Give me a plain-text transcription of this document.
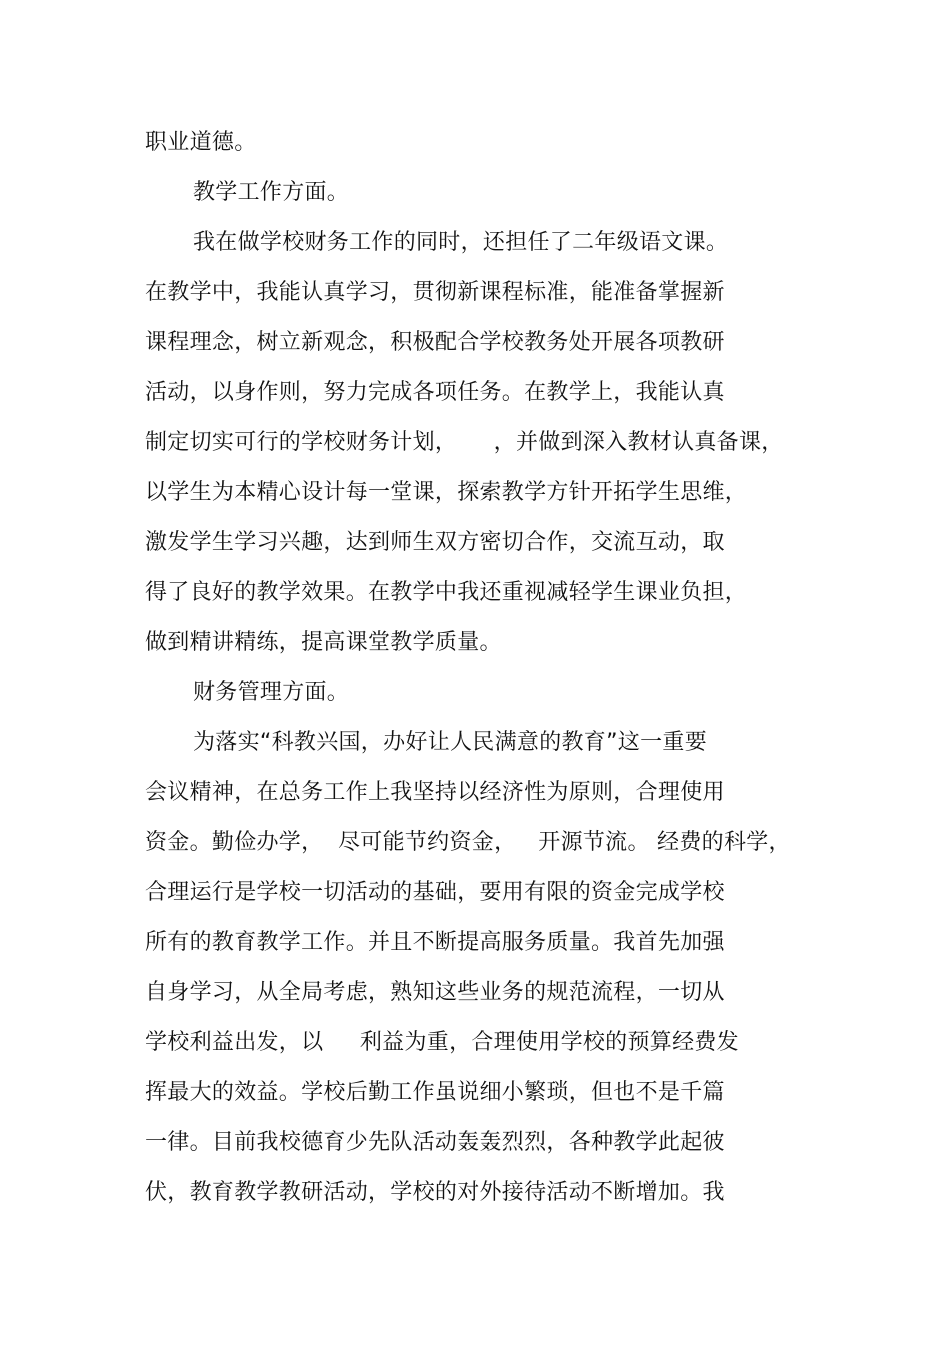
职业道德。
教学工作方面。
我在做学校财务工作的同时，还担任了二年级语文课。
在教学中，我能认真学习，贯彻新课程标准，能准备掌握新
课程理念，树立新观念，积极配合学校教务处开展各项教研
活动，以身作则，努力完成各项任务。在教学上，我能认真
制定切实可行的学校财务计划，     ，并做到深入教材认真备课，
以学生为本精心设计每一堂课，探索教学方针开拓学生思维，
激发学生学习兴趣，达到师生双方密切合作，交流互动，取
得了良好的教学效果。在教学中我还重视减轻学生课业负担，
做到精讲精练，提高课堂教学质量。
财务管理方面。
为落实“科教兴国，办好让人民满意的教育”这一重要
会议精神，在总务工作上我坚持以经济性为原则，合理使用
资金。勤俭办学，  尽可能节约资金，   开源节流。 经费的科学，
合理运行是学校一切活动的基础，要用有限的资金完成学校
所有的教育教学工作。并且不断提高服务质量。我首先加强
自身学习，从全局考虑，熟知这些业务的规范流程，一切从
学校利益出发，以     利益为重，合理使用学校的预算经费发
挥最大的效益。学校后勤工作虽说细小繁琐，但也不是千篇
一律。目前我校德育少先队活动轰轰烈烈，各种教学此起彼
伏，教育教学教研活动，学校的对外接待活动不断增加。我
